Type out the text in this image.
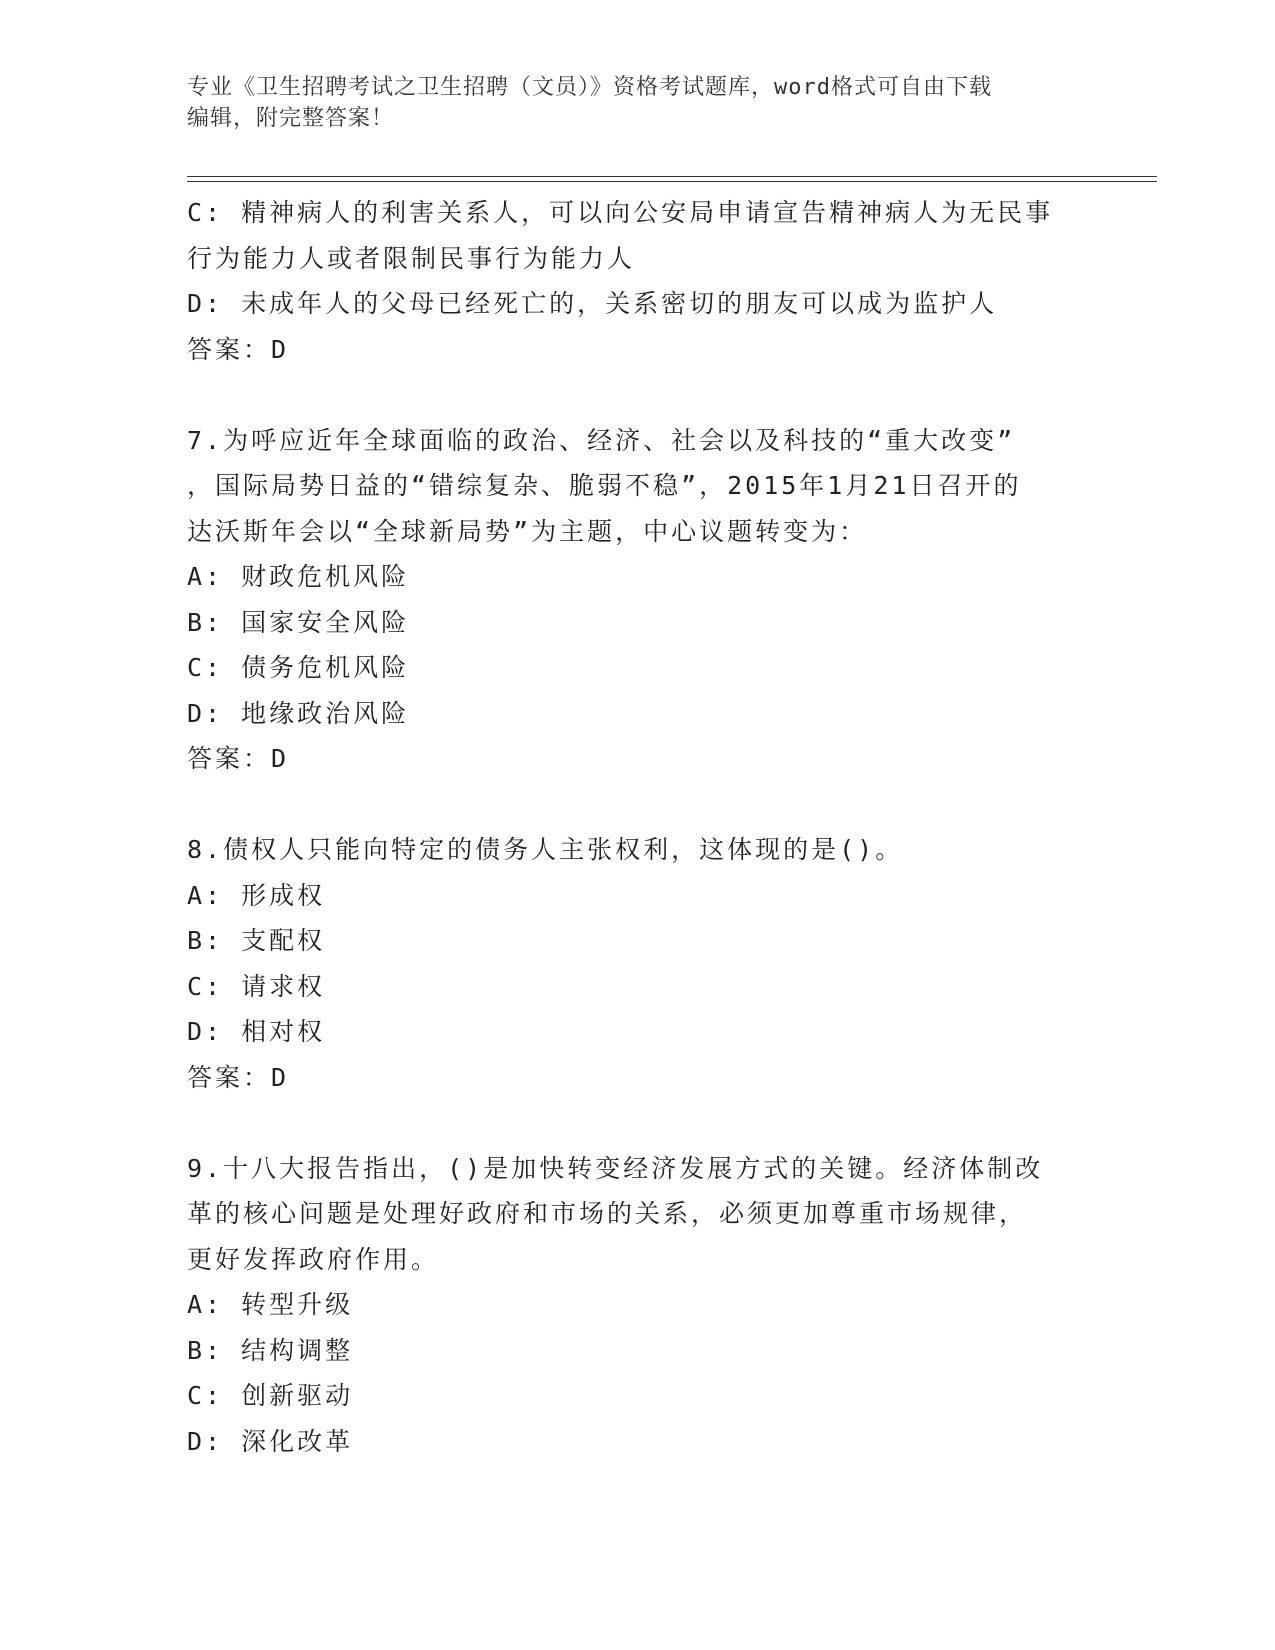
专业《卫生招聘考试之卫生招聘（文员）》资格考试题库，word格式可自由下载
编辑，附完整答案！
C: 精神病人的利害关系人，可以向公安局申请宣告精神病人为无民事
行为能力人或者限制民事行为能力人
D: 未成年人的父母已经死亡的，关系密切的朋友可以成为监护人
答案：D
7.为呼应近年全球面临的政治、经济、社会以及科技的“重大改变”
，国际局势日益的“错综复杂、脆弱不稳”，2015年1月21日召开的
达沃斯年会以“全球新局势”为主题，中心议题转变为：
A: 财政危机风险
B: 国家安全风险
C: 债务危机风险
D: 地缘政治风险
答案：D
8.债权人只能向特定的债务人主张权利，这体现的是()。
A: 形成权
B: 支配权
C: 请求权
D: 相对权
答案：D
9.十八大报告指出，()是加快转变经济发展方式的关键。经济体制改
革的核心问题是处理好政府和市场的关系，必须更加尊重市场规律，
更好发挥政府作用。
A: 转型升级
B: 结构调整
C: 创新驱动
D: 深化改革
